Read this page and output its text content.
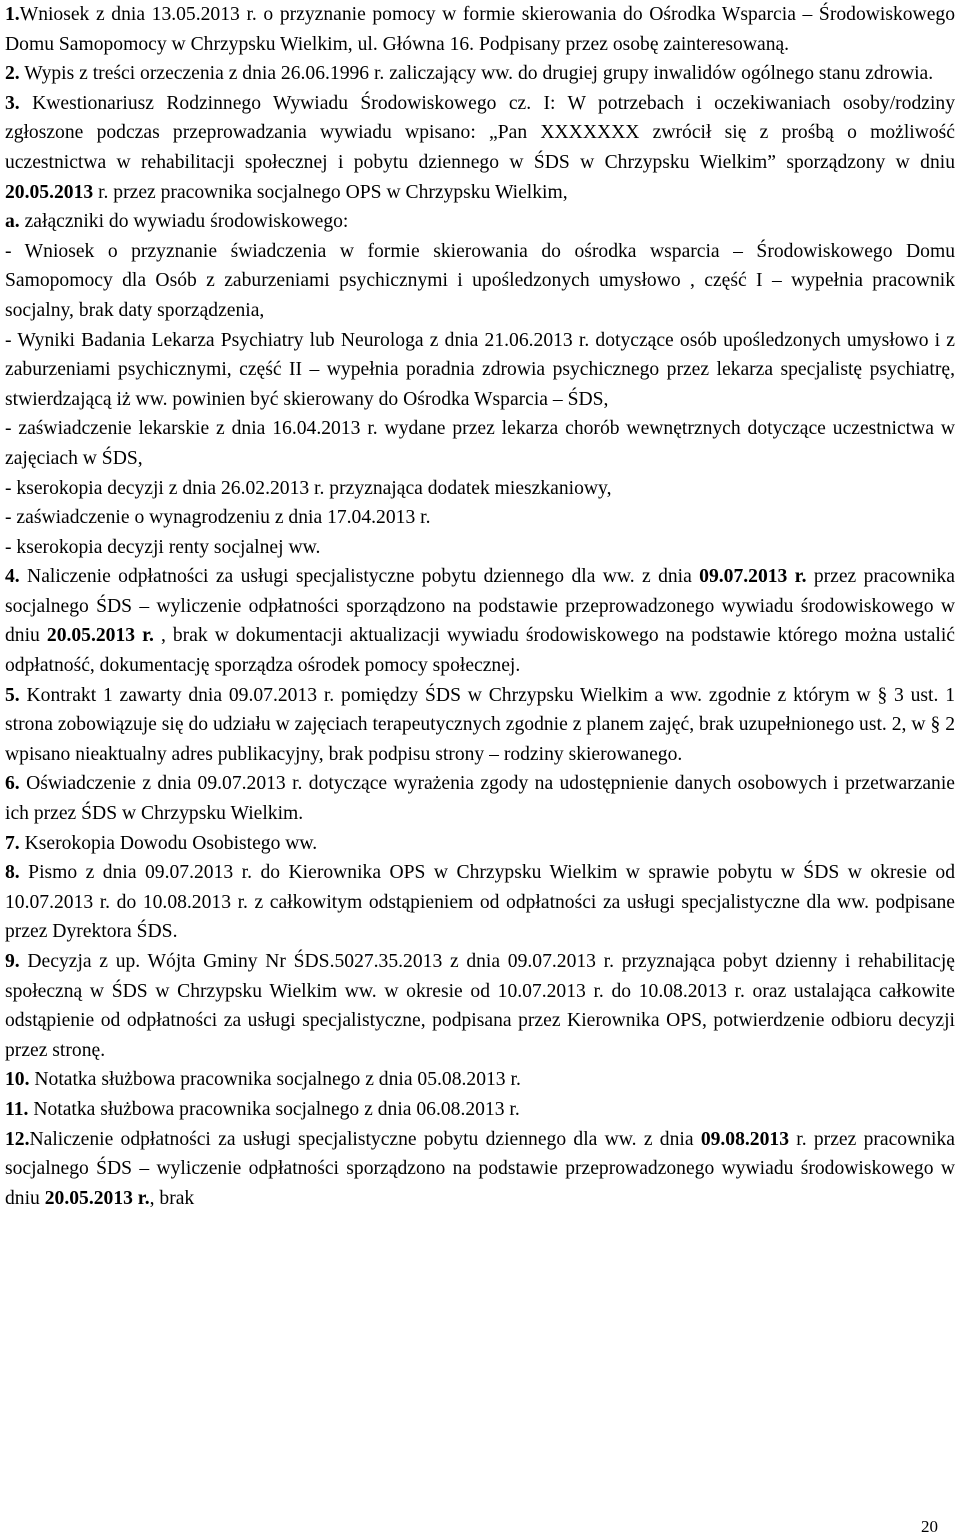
1.Wniosek z dnia 13.05.2013 r. o przyznanie pomocy w formie skierowania do Ośrodka Wsparcia – Środowiskowego Domu Samopomocy w Chrzypsku Wielkim, ul. Główna 16. Podpisany przez osobę zainteresowaną.

2. Wypis z treści orzeczenia z dnia 26.06.1996 r. zaliczający ww. do drugiej grupy inwalidów ogólnego stanu zdrowia.

3. Kwestionariusz Rodzinnego Wywiadu Środowiskowego cz. I: W potrzebach i oczekiwaniach osoby/rodziny zgłoszone podczas przeprowadzania wywiadu wpisano: „Pan XXXXXXX zwrócił się z prośbą o możliwość uczestnictwa w rehabilitacji społecznej i pobytu dziennego w ŚDS w Chrzypsku Wielkim” sporządzony w dniu 20.05.2013 r. przez pracownika socjalnego OPS w Chrzypsku Wielkim,

a. załączniki do wywiadu środowiskowego:

- Wniosek o przyznanie świadczenia w formie skierowania do ośrodka wsparcia – Środowiskowego Domu Samopomocy dla Osób z zaburzeniami psychicznymi i upośledzonych umysłowo , część I – wypełnia pracownik socjalny, brak daty sporządzenia,

- Wyniki Badania Lekarza Psychiatry lub Neurologa z dnia 21.06.2013 r. dotyczące osób upośledzonych umysłowo i z zaburzeniami psychicznymi, część II – wypełnia poradnia zdrowia psychicznego przez lekarza specjalistę psychiatrę, stwierdzającą iż ww. powinien być skierowany do Ośrodka Wsparcia – ŚDS,

- zaświadczenie lekarskie z dnia 16.04.2013 r. wydane przez lekarza chorób wewnętrznych dotyczące uczestnictwa w zajęciach w ŚDS,

- kserokopia decyzji z dnia 26.02.2013 r. przyznająca dodatek mieszkaniowy,

- zaświadczenie o wynagrodzeniu z dnia 17.04.2013 r.

- kserokopia decyzji renty socjalnej ww.

4. Naliczenie odpłatności za usługi specjalistyczne pobytu dziennego dla ww. z dnia 09.07.2013 r. przez pracownika socjalnego ŚDS – wyliczenie odpłatności sporządzono na podstawie przeprowadzonego wywiadu środowiskowego w dniu 20.05.2013 r. , brak w dokumentacji aktualizacji wywiadu środowiskowego na podstawie którego można ustalić odpłatność, dokumentację sporządza ośrodek pomocy społecznej.

5. Kontrakt 1 zawarty dnia 09.07.2013 r. pomiędzy ŚDS w Chrzypsku Wielkim a ww. zgodnie z którym w § 3 ust. 1 strona zobowiązuje się do udziału w zajęciach terapeutycznych zgodnie z planem zajęć, brak uzupełnionego ust. 2, w § 2 wpisano nieaktualny adres publikacyjny, brak podpisu strony – rodziny skierowanego.

6. Oświadczenie z dnia 09.07.2013 r. dotyczące wyrażenia zgody na udostępnienie danych osobowych i przetwarzanie ich przez ŚDS w Chrzypsku Wielkim.

7. Kserokopia Dowodu Osobistego ww.

8. Pismo z dnia 09.07.2013 r. do Kierownika OPS w Chrzypsku Wielkim w sprawie pobytu w ŚDS w okresie od 10.07.2013 r. do 10.08.2013 r. z całkowitym odstąpieniem od odpłatności za usługi specjalistyczne dla ww. podpisane przez Dyrektora ŚDS.

9. Decyzja z up. Wójta Gminy Nr ŚDS.5027.35.2013 z dnia 09.07.2013 r. przyznająca pobyt dzienny i rehabilitację społeczną w ŚDS w Chrzypsku Wielkim ww. w okresie od 10.07.2013 r. do 10.08.2013 r. oraz ustalająca całkowite odstąpienie od odpłatności za usługi specjalistyczne, podpisana przez Kierownika OPS, potwierdzenie odbioru decyzji przez stronę.

10. Notatka służbowa pracownika socjalnego z dnia 05.08.2013 r.

11. Notatka służbowa pracownika socjalnego z dnia 06.08.2013 r.

12.Naliczenie odpłatności za usługi specjalistyczne pobytu dziennego dla ww. z dnia 09.08.2013 r. przez pracownika socjalnego ŚDS – wyliczenie odpłatności sporządzono na podstawie przeprowadzonego wywiadu środowiskowego w dniu 20.05.2013 r., brak

20
